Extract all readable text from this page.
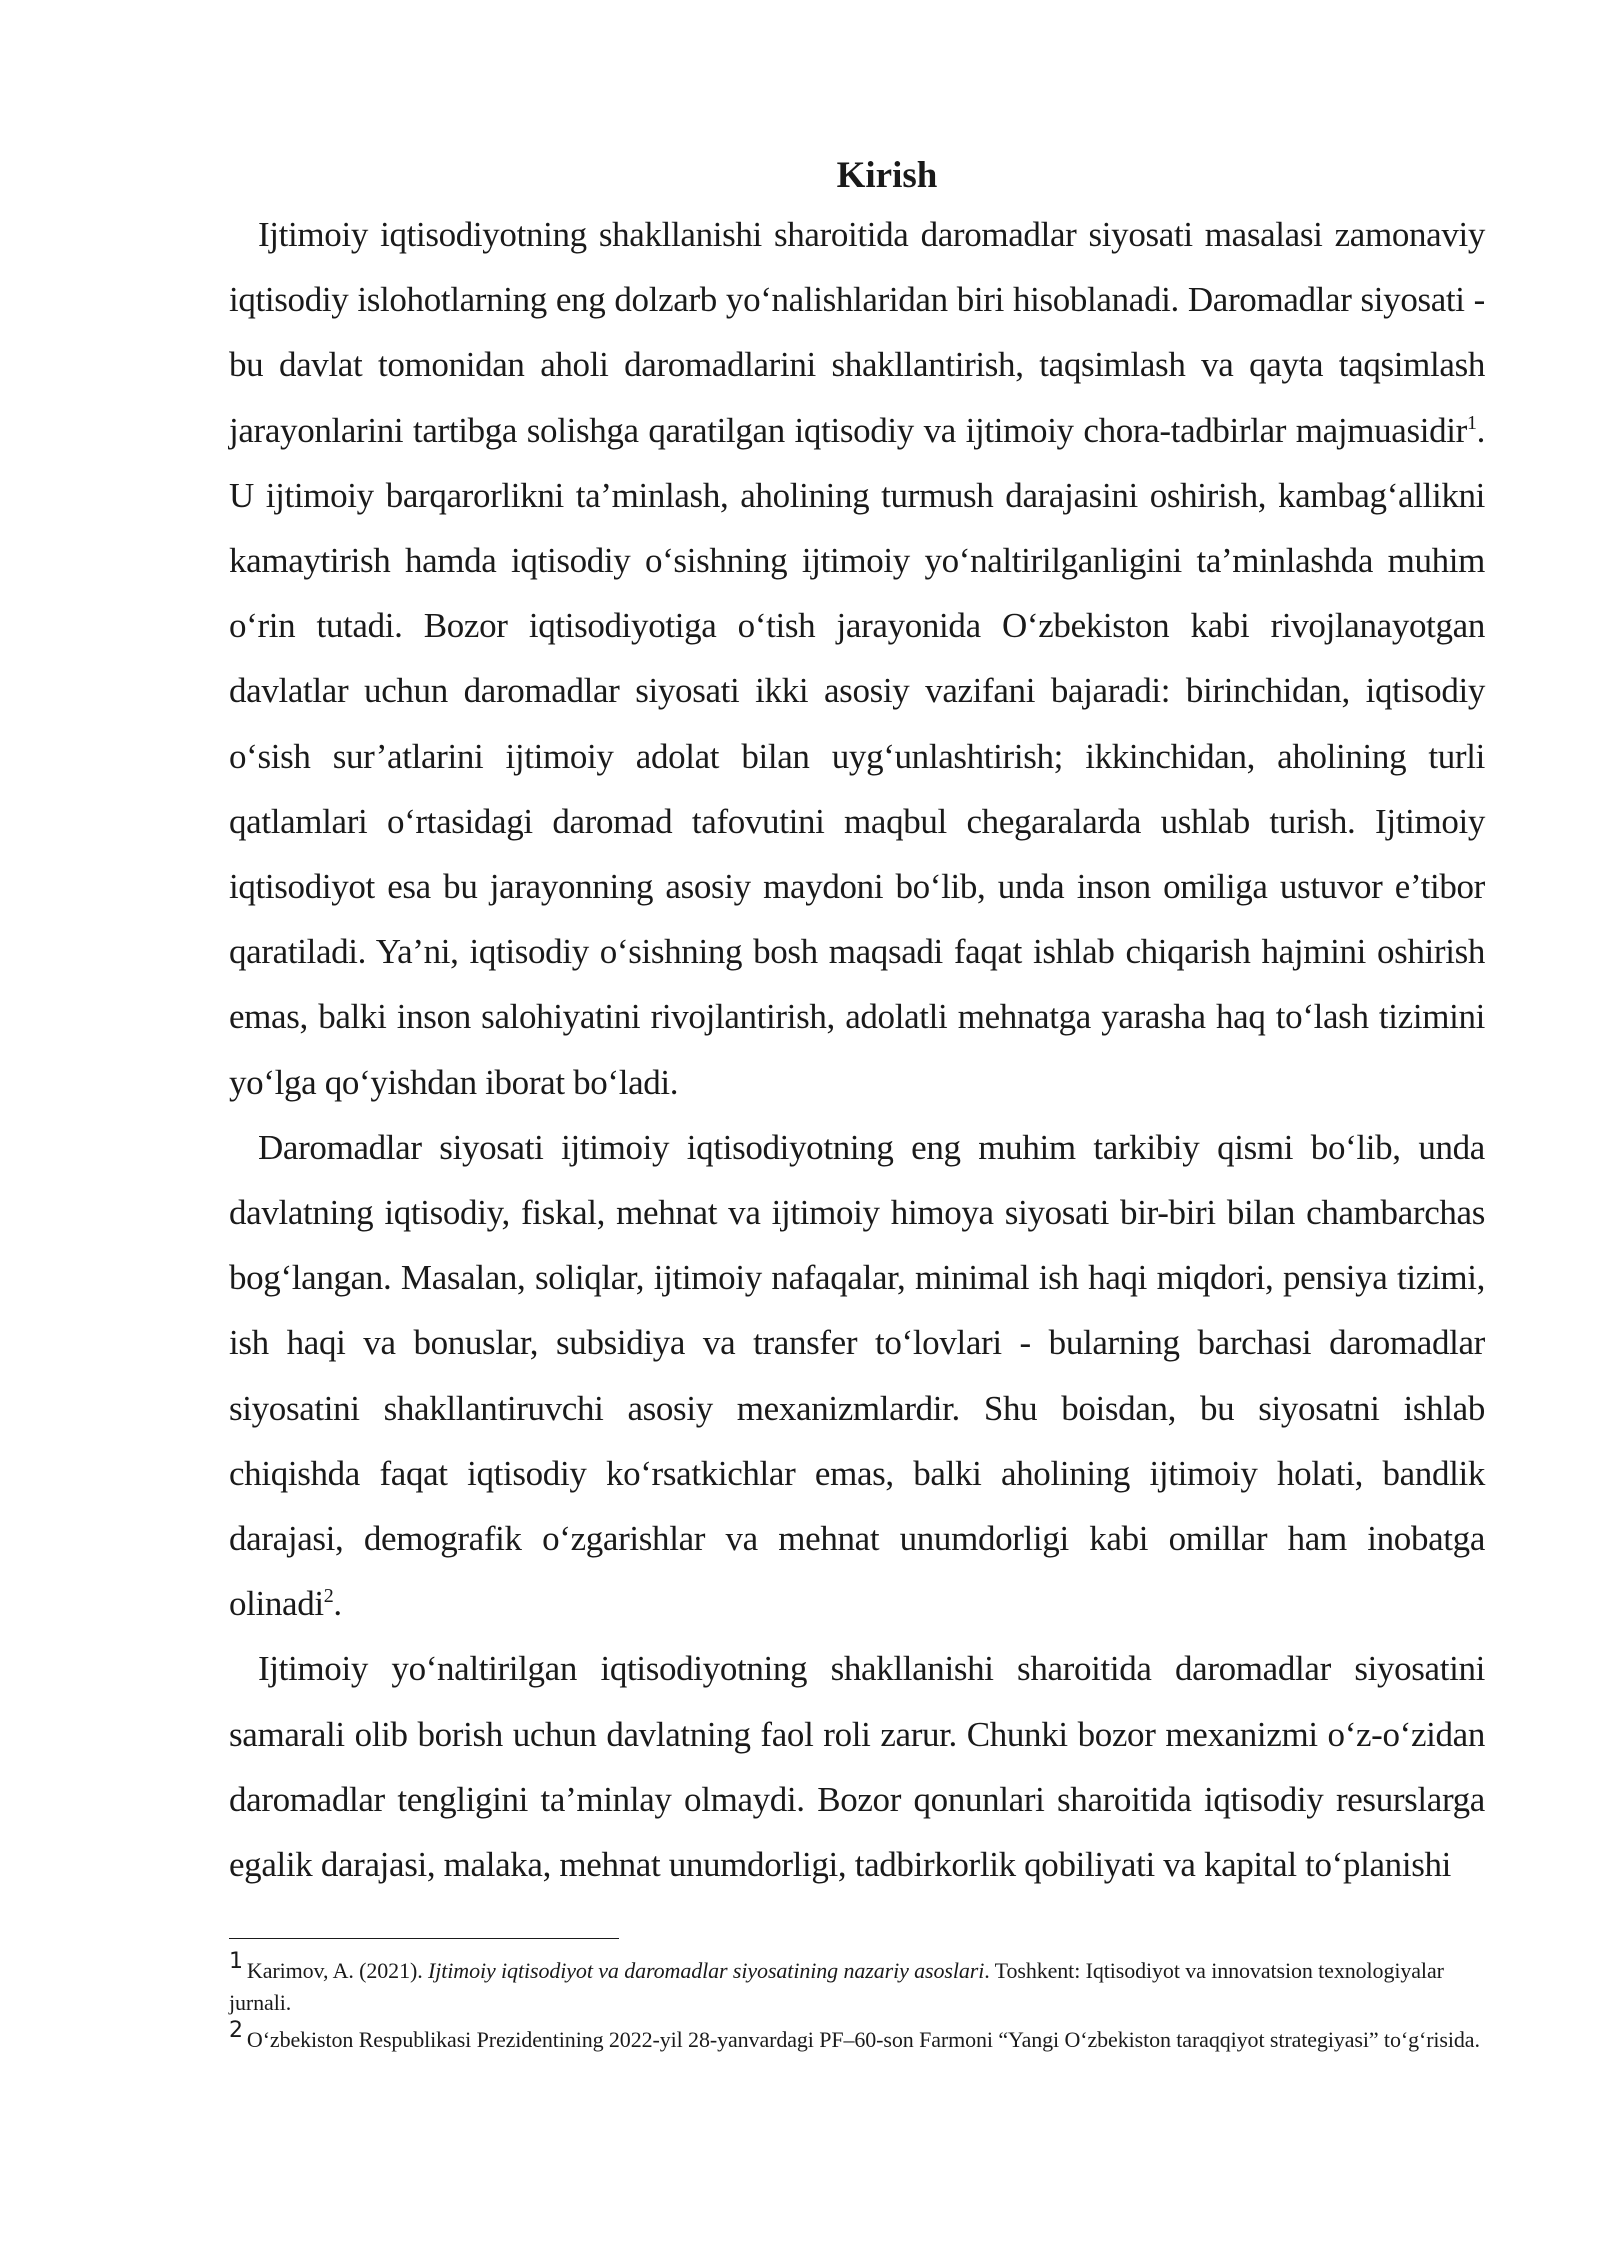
Kirish

Ijtimoiy iqtisodiyotning shakllanishi sharoitida daromadlar siyosati masalasi zamonaviy iqtisodiy islohotlarning eng dolzarb yo‘nalishlaridan biri hisoblanadi. Daromadlar siyosati - bu davlat tomonidan aholi daromadlarini shakllantirish, taqsimlash va qayta taqsimlash jarayonlarini tartibga solishga qaratilgan iqtisodiy va ijtimoiy chora-tadbirlar majmuasidir$^1$. U ijtimoiy barqarorlikni ta’minlash, aholining turmush darajasini oshirish, kambag‘allikni kamaytirish hamda iqtisodiy o‘sishning ijtimoiy yo‘naltirilganligini ta’minlashda muhim o‘rin tutadi. Bozor iqtisodiyotiga o‘tish jarayonida O‘zbekiston kabi rivojlanayotgan davlatlar uchun daromadlar siyosati ikki asosiy vazifani bajaradi: birinchidan, iqtisodiy o‘sish sur’atlarini ijtimoiy adolat bilan uyg‘unlashtirish; ikkinchidan, aholining turli qatlamlari o‘rtasidagi daromad tafovutini maqbul chegaralarda ushlab turish. Ijtimoiy iqtisodiyot esa bu jarayonning asosiy maydoni bo‘lib, unda inson omiliga ustuvor e’tibor qaratiladi. Ya’ni, iqtisodiy o‘sishning bosh maqsadi faqat ishlab chiqarish hajmini oshirish emas, balki inson salohiyatini rivojlantirish, adolatli mehnatga yarasha haq to‘lash tizimini yo‘lga qo‘yishdan iborat bo‘ladi.

Daromadlar siyosati ijtimoiy iqtisodiyotning eng muhim tarkibiy qismi bo‘lib, unda davlatning iqtisodiy, fiskal, mehnat va ijtimoiy himoya siyosati bir-biri bilan chambarchas bog‘langan. Masalan, soliqlar, ijtimoiy nafaqalar, minimal ish haqi miqdori, pensiya tizimi, ish haqi va bonuslar, subsidiya va transfer to‘lovlari - bularning barchasi daromadlar siyosatini shakllantiruvchi asosiy mexanizmlardir. Shu boisdan, bu siyosatni ishlab chiqishda faqat iqtisodiy ko‘rsatkichlar emas, balki aholining ijtimoiy holati, bandlik darajasi, demografik o‘zgarishlar va mehnat unumdorligi kabi omillar ham inobatga olinadi$^2$.

Ijtimoiy yo‘naltirilgan iqtisodiyotning shakllanishi sharoitida daromadlar siyosatini samarali olib borish uchun davlatning faol roli zarur. Chunki bozor mexanizmi o‘z-o‘zidan daromadlar tengligini ta’minlay olmaydi. Bozor qonunlari sharoitida iqtisodiy resurslarga egalik darajasi, malaka, mehnat unumdorligi, tadbirkorlik qobiliyati va kapital to‘planishi

1 Karimov, A. (2021). Ijtimoiy iqtisodiyot va daromadlar siyosatining nazariy asoslari. Toshkent: Iqtisodiyot va innovatsion texnologiyalar jurnali.
2 O‘zbekiston Respublikasi Prezidentining 2022-yil 28-yanvardagi PF–60-son Farmoni “Yangi O‘zbekiston taraqqiyot strategiyasi” to‘g‘risida.
